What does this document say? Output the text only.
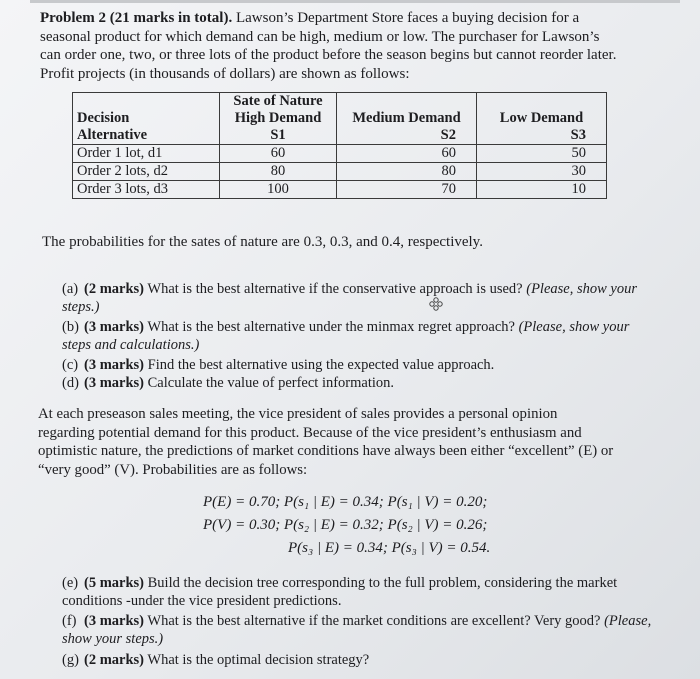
Problem 2 (21 marks in total). Lawson’s Department Store faces a buying decision for a
seasonal product for which demand can be high, medium or low. The purchaser for Lawson’s
can order one, two, or three lots of the product before the season begins but cannot reorder later.
Profit projects (in thousands of dollars) are shown as follows:
Decision	Sate of Nature		
	High Demand	Medium Demand	Low Demand
Alternative	S1	S2	S3
Order 1 lot, d1	60	60	50
Order 2 lots, d2	80	80	30
Order 3 lots, d3	100	70	10
The probabilities for the sates of nature are 0.3, 0.3, and 0.4, respectively.
(a) (2 marks) What is the best alternative if the conservative approach is used? (Please, show your steps.)
(b) (3 marks) What is the best alternative under the minmax regret approach? (Please, show your steps and calculations.)
(c) (3 marks) Find the best alternative using the expected value approach.
(d) (3 marks) Calculate the value of perfect information.
At each preseason sales meeting, the vice president of sales provides a personal opinion
regarding potential demand for this product. Because of the vice president’s enthusiasm and
optimistic nature, the predictions of market conditions have always been either “excellent” (E) or
“very good” (V). Probabilities are as follows:
P(E) = 0.70; P(s₁ | E) = 0.34; P(s₁ | V) = 0.20;
P(V) = 0.30; P(s₂ | E) = 0.32; P(s₂ | V) = 0.26;
P(s₃ | E) = 0.34; P(s₃ | V) = 0.54.
(e) (5 marks) Build the decision tree corresponding to the full problem, considering the market conditions -under the vice president predictions.
(f) (3 marks) What is the best alternative if the market conditions are excellent? Very good? (Please, show your steps.)
(g) (2 marks) What is the optimal decision strategy?
